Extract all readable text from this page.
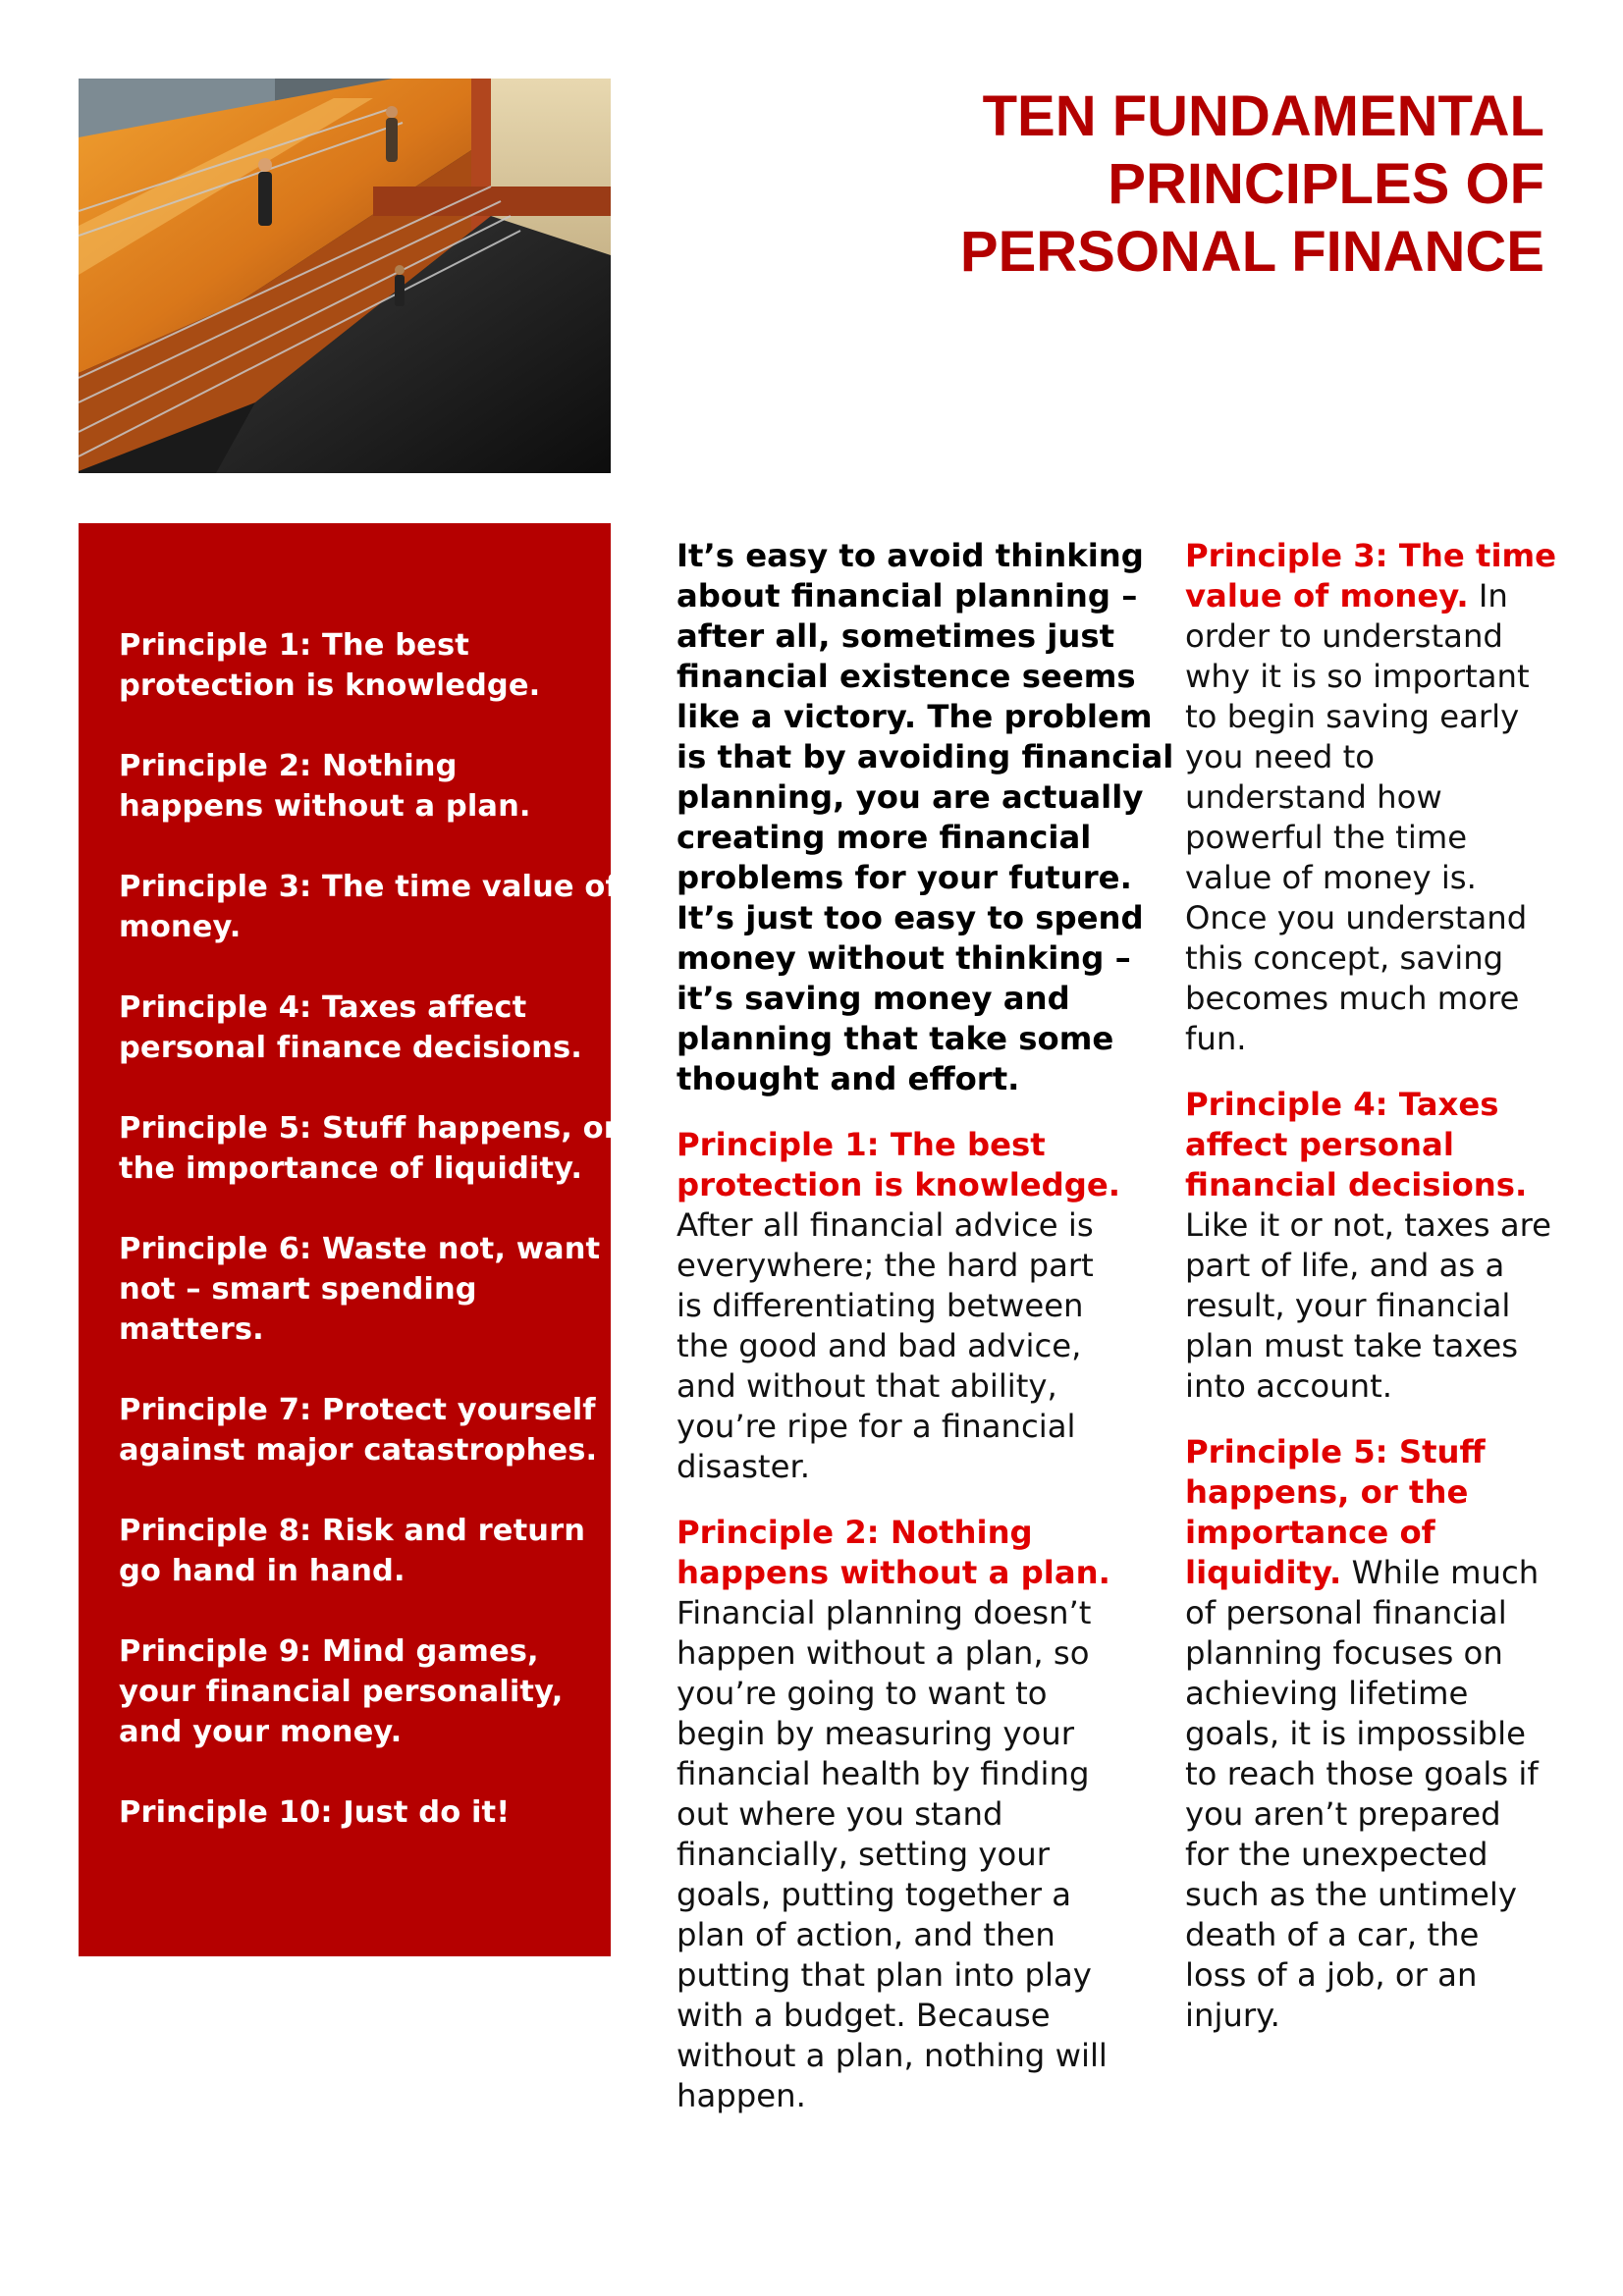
TEN FUNDAMENTAL
PRINCIPLES OF
PERSONAL FINANCE
Principle 1: The best
protection is knowledge.
Principle 2: Nothing
happens without a plan.
Principle 3: The time value of
money.
Principle 4: Taxes affect
personal finance decisions.
Principle 5: Stuff happens, or
the importance of liquidity.
Principle 6: Waste not, want
not – smart spending
matters.
Principle 7: Protect yourself
against major catastrophes.
Principle 8: Risk and return
go hand in hand.
Principle 9: Mind games,
your financial personality,
and your money.
Principle 10: Just do it!
It’s easy to avoid thinking
about financial planning –
after all, sometimes just
financial existence seems
like a victory. The problem
is that by avoiding financial
planning, you are actually
creating more financial
problems for your future.
It’s just too easy to spend
money without thinking –
it’s saving money and
planning that take some
thought and effort.
Principle 1: The best
protection is knowledge.
After all financial advice is
everywhere; the hard part
is differentiating between
the good and bad advice,
and without that ability,
you’re ripe for a financial
disaster.
Principle 2: Nothing
happens without a plan.
Financial planning doesn’t
happen without a plan, so
you’re going to want to
begin by measuring your
financial health by finding
out where you stand
financially, setting your
goals, putting together a
plan of action, and then
putting that plan into play
with a budget. Because
without a plan, nothing will
happen.
Principle 3: The time
value of money. In
order to understand
why it is so important
to begin saving early
you need to
understand how
powerful the time
value of money is.
Once you understand
this concept, saving
becomes much more
fun.
Principle 4: Taxes
affect personal
financial decisions.
Like it or not, taxes are
part of life, and as a
result, your financial
plan must take taxes
into account.
Principle 5: Stuff
happens, or the
importance of
liquidity. While much
of personal financial
planning focuses on
achieving lifetime
goals, it is impossible
to reach those goals if
you aren’t prepared
for the unexpected
such as the untimely
death of a car, the
loss of a job, or an
injury.
